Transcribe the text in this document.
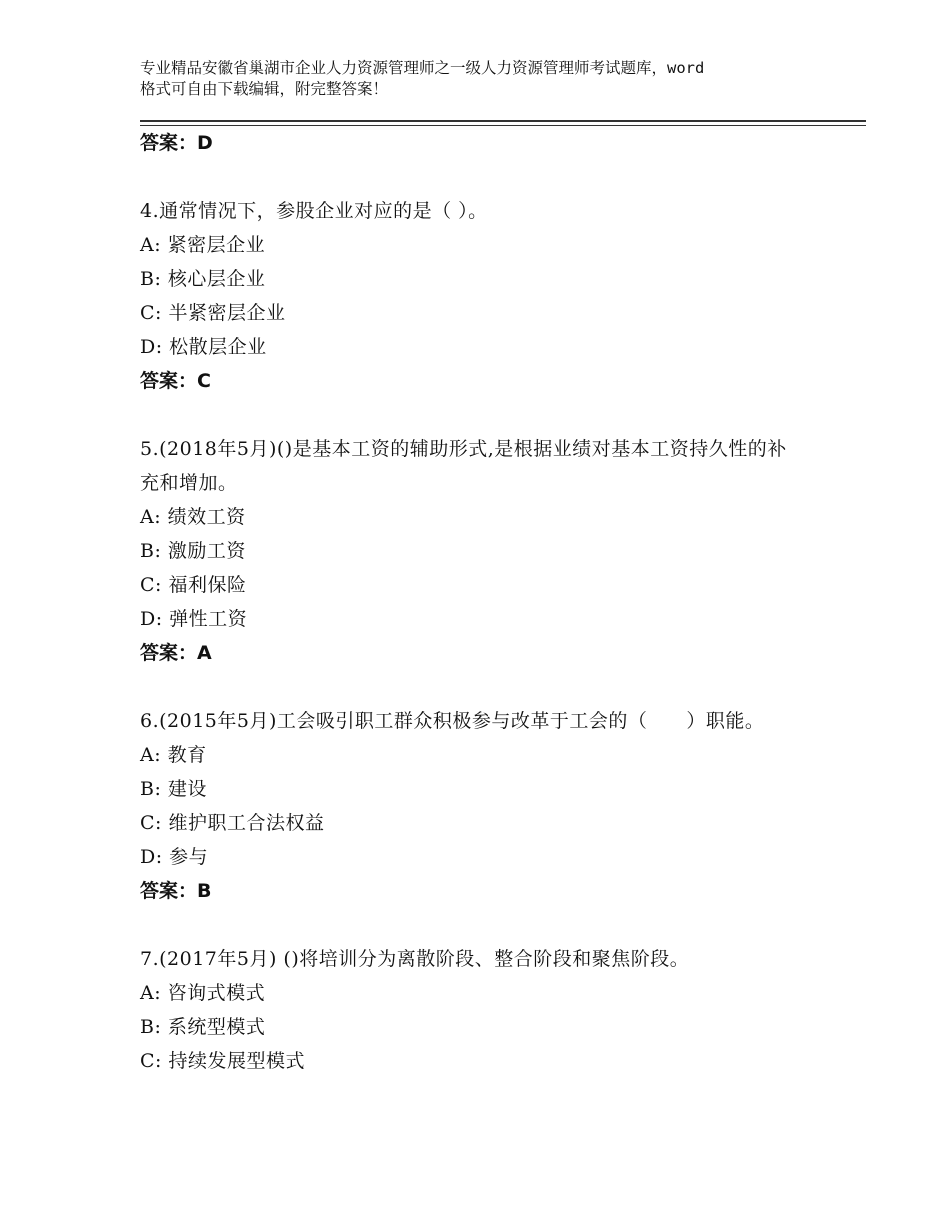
专业精品安徽省巢湖市企业人力资源管理师之一级人力资源管理师考试题库，word
格式可自由下载编辑，附完整答案！
答案：D
4.通常情况下，参股企业对应的是（ ）。
A: 紧密层企业
B: 核心层企业
C: 半紧密层企业
D: 松散层企业
答案：C
5.(2018年5月)()是基本工资的辅助形式,是根据业绩对基本工资持久性的补充和增加。
A: 绩效工资
B: 激励工资
C: 福利保险
D: 弹性工资
答案：A
6.(2015年5月)工会吸引职工群众积极参与改革于工会的（　　）职能。
A: 教育
B: 建设
C: 维护职工合法权益
D: 参与
答案：B
7.(2017年5月) ()将培训分为离散阶段、整合阶段和聚焦阶段。
A: 咨询式模式
B: 系统型模式
C: 持续发展型模式
